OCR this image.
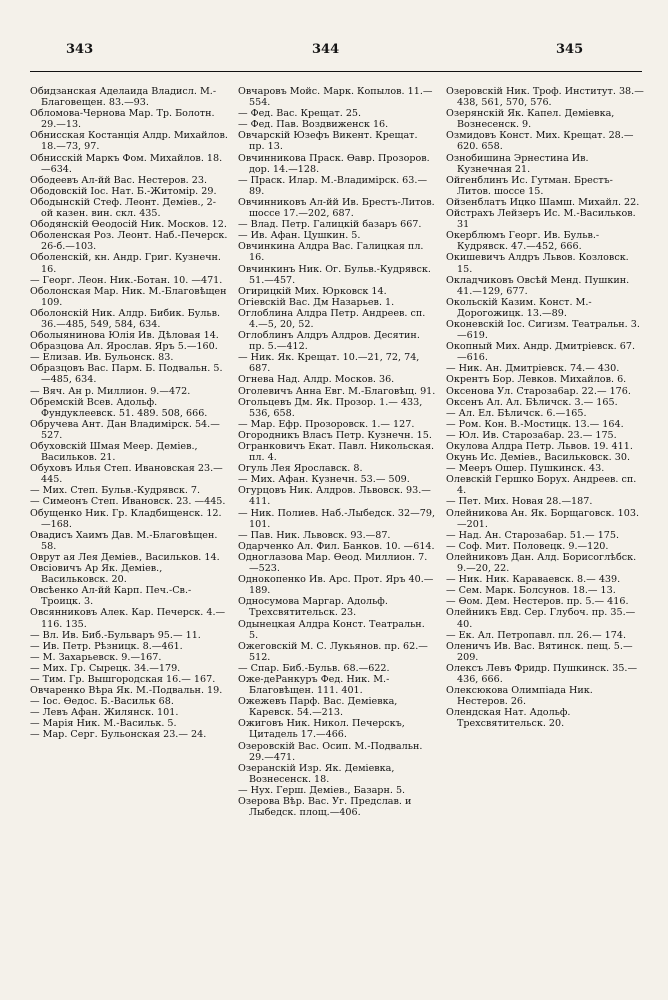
343	344	345

Обидзанская Аделаида Владисл. М.-Благовещен. 83.—93.

Обломова-Чернова Мар. Тр. Болотн. 29.—13.

Обнисская Костанція Алдр. Михайлов. 18.—73, 97.

Обнисскій Маркъ Фом. Михайлов. 18.—634.

Ободеевъ Ал-йй Вас. Нестеров. 23.

Ободовскій Іос. Нат. Б.-Житомір. 29.

Ободынскій Стеф. Леонт. Деміев., 2-ой казен. вин. скл. 435.

Ободянскій Ѳеодосій Ник. Москов. 12.

Оболенская Роз. Леонт. Наб.-Печерск. 26-б.—103.

Оболенскій, кн. Андр. Григ. Кузнечн. 16.

— Георг. Леон. Ник.-Ботан. 10. —471.

Оболонская Мар. Ник. М.-Благовѣщен 109.

Оболонскій Ник. Алдр. Бибик. Бульв. 36.—485, 549, 584, 634.

Оболыянинова Юлія Ив. Дѣловая 14.

Образцова Ал. Ярослав. Яръ 5.—160.

— Елизав. Ив. Бульонск. 83.

Образцовъ Вас. Парм. Б. Подвальн. 5.—485, 634.

— Вяч. Ан р. Миллион. 9.—472.

Обремскій Всев. Адольф. Фундуклеевск. 51. 489. 508, 666.

Обручева Ант. Дан Владимірск. 54.—527.

Обуховскій Шмая Меер. Деміев., Васильков. 21.

Обуховъ Илья Степ. Ивановская 23.—445.

— Мих. Степ. Бульв.-Кудрявск. 7.

— Симеонъ Степ. Ивановск. 23. —445.

Обущенко Ник. Гр. Кладбищенск. 12.—168.

Овадисъ Хаимъ Дав. М.-Благовѣщен. 58.

Оврут ая Лея Деміев., Васильков. 14.

Овсіовичъ Ар Як. Деміев., Васильковск. 20.

Овсѣенко Ал-йй Карп. Печ.-Св.-Троицк. 3.

Овсянниковъ Алек. Кар. Печерск. 4.—116. 135.

— Вл. Ив. Биб.-Бульваръ 95.— 11.

— Ив. Петр. Рѣзницк. 8.—461.

— М. Захарьевск. 9.—167.

— Мих. Гр. Сырецк. 34.—179.

— Тим. Гр. Вышгородская 16.— 167.

Овчаренко Вѣра Як. М.-Подвальн. 19.

— Іос. Ѳедос. Б.-Васильк 68.

— Левъ Афан. Жилянск. 101.

— Марія Ник. М.-Васильк. 5.

— Мар. Серг. Бульонская 23.— 24.

Овчаровъ Мойс. Марк. Копылов. 11.—554.

— Фед. Вас. Крещат. 25.

— Фед. Пав. Воздвиженск 16.

Овчарскій Юзефъ Викент. Крещат. пр. 13.

Овчинникова Праск. Ѳавр. Прозоров. дор. 14.—128.

— Праск. Илар. М.-Владимірск. 63.—89.

Овчинниковъ Ал-йй Ив. Брестъ-Литов. шоссе 17.—202, 687.

— Влад. Петр. Галицкій базаръ 667.

— Ив. Афан. Цушкин. 5.

Овчинкина Алдра Вас. Галицкая пл. 16.

Овчинкинъ Ник. Ог. Бульв.-Кудрявск. 51.—457.

Огирицкій Мих. Юрковск 14.

Огіевскій Вас. Дм Назарьев. 1.

Оглоблина Алдра Петр. Андреев. сп. 4.—5, 20, 52.

Оглоблинъ Алдръ Алдров. Десятин. пр. 5.—412.

— Ник. Як. Крещат. 10.—21, 72, 74, 687.

Огнева Над. Алдр. Москов. 36.

Оголевичъ Анна Евг. М.-Благовѣщ. 91.

Огольцевъ Дм. Як. Прозор. 1.— 433, 536, 658.

— Мар. Ефр. Прозоровск. 1.— 127.

Огородникъ Власъ Петр. Кузнечн. 15.

Огранковичъ Екат. Павл. Никольская. пл. 4.

Огуль Лея Ярославск. 8.

— Мих. Афан. Кузнечн. 53.— 509.

Огурцовъ Ник. Алдров. Львовск. 93.—411.

— Ник. Полиев. Наб.-Лыбедск. 32—79, 101.

— Пав. Ник. Львовск. 93.—87.

Одарченко Ал. Фил. Банков. 10. —614.

Одноглазова Мар. Ѳеод. Миллион. 7.—523.

Однокопенко Ив. Арс. Прот. Яръ 40.—189.

Односумова Маргар. Адольф. Трехсвятительск. 23.

Одынецкая Алдра Конст. Театральн. 5.

Ожеговскій М. С. Лукьянов. пр. 62.—512.

— Спар. Биб.-Бульв. 68.—622.

Оже-деРанкуръ Фед. Ник. М.-Благовѣщен. 111. 401.

Ожежевъ Парф. Вас. Деміевка, Каревск. 54.—213.

Ожиговъ Ник. Никол. Печерскъ, Цитадель 17.—466.

Озеровскій Вас. Осип. М.-Подвальн. 29.—471.

Озеранскій Изр. Як. Деміевка, Вознесенск. 18.

— Нух. Герш. Деміев., Базарн. 5.

Озерова Вѣр. Вас. Уг. Предслав. и Лыбедск. площ.—406.

Озеровскій Ник. Троф. Институт. 38.—438, 561, 570, 576.

Озерянскій Як. Капел. Деміевка, Вознесенск. 9.

Озмидовъ Конст. Мих. Крещат. 28.—620. 658.

Ознобишина Эрнестина Ив. Кузнечная 21.

Ойгенблинъ Ис. Гутман. Брестъ-Литов. шоссе 15.

Ойзенблатъ Ицко Шамш. Михайл. 22.

Ойстрахъ Лейзеръ Ис. М.-Васильков. 31

Окерблюмъ Георг. Ив. Бульв.-Кудрявск. 47.—452, 666.

Окишевичъ Алдръ Львов. Козловск. 15.

Окладчиковъ Овсѣй Менд. Пушкин. 41.—129, 677.

Окольскій Казим. Конст. М.-Дорогожицк. 13.—89.

Оконевскій Іос. Сигизм. Театральн. 3.—619.

Окопный Мих. Андр. Дмитріевск. 67.—616.

— Ник. Ан. Дмитріевск. 74.— 430.

Окрентъ Бор. Левков. Михайлов. 6.

Оксенова Ул. Староза6ар. 22.— 176.

Оксенъ Ал. Ал. Бѣличск. 3.— 165.

— Ал. Ел. Бѣличск. 6.—165.

— Ром. Кон. В.-Мостицк. 13.— 164.

— Юл. Ив. Староза6ар. 23.— 175.

Окулова Алдра Петр. Львов. 19. 411.

Окунь Ис. Деміев., Васильковск. 30.

— Мееръ Ошер. Пушкинск. 43.

Олевскій Гершко Борух. Андреев. сп. 4.

— Пет. Мих. Новая 28.—187.

Олейникова Ан. Як. Борщаговск. 103.—201.

— Над. Ан. Староза6ар. 51.— 175.

— Соф. Мит. Половецк. 9.—120.

Олейниковъ Дан. Алд. Борисоглѣбск. 9.—20, 22.

— Ник. Ник. Караваевск. 8.— 439.

— Сем. Марк. Болсунов. 18.— 13.

— Ѳом. Дем. Нестеров. пр. 5.— 416.

Олейникъ Евд. Сер. Глубоч. пр. 35.—40.

— Ек. Ал. Петропавл. пл. 26.— 174.

Оленичъ Ив. Вас. Вятинск. пещ. 5.—209.

Олексъ Левъ Фридр. Пушкинск. 35.—436, 666.

Олексюкова Олимпіада Ник. Нестеров. 26.

Олендская Нат. Адольф. Трехсвятительск. 20.
